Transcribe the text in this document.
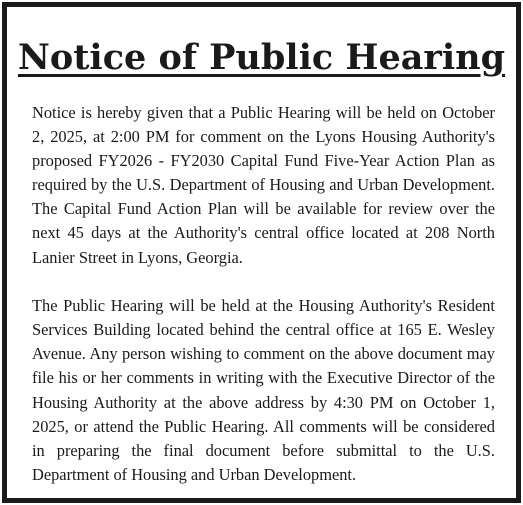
Notice of Public Hearing

Notice is hereby given that a Public Hearing will be held on October 2, 2025, at 2:00 PM for comment on the Lyons Housing Authority's proposed FY2026 - FY2030 Capital Fund Five-Year Action Plan as required by the U.S. Department of Housing and Urban Development. The Capital Fund Action Plan will be available for review over the next 45 days at the Authority's central office located at 208 North Lanier Street in Lyons, Georgia.

The Public Hearing will be held at the Housing Authority's Resident Services Building located behind the central office at 165 E. Wesley Avenue. Any person wishing to comment on the above document may file his or her comments in writing with the Executive Director of the Housing Authority at the above address by 4:30 PM on October 1, 2025, or attend the Public Hearing. All comments will be considered in preparing the final document before submittal to the U.S. Department of Housing and Urban Development.
